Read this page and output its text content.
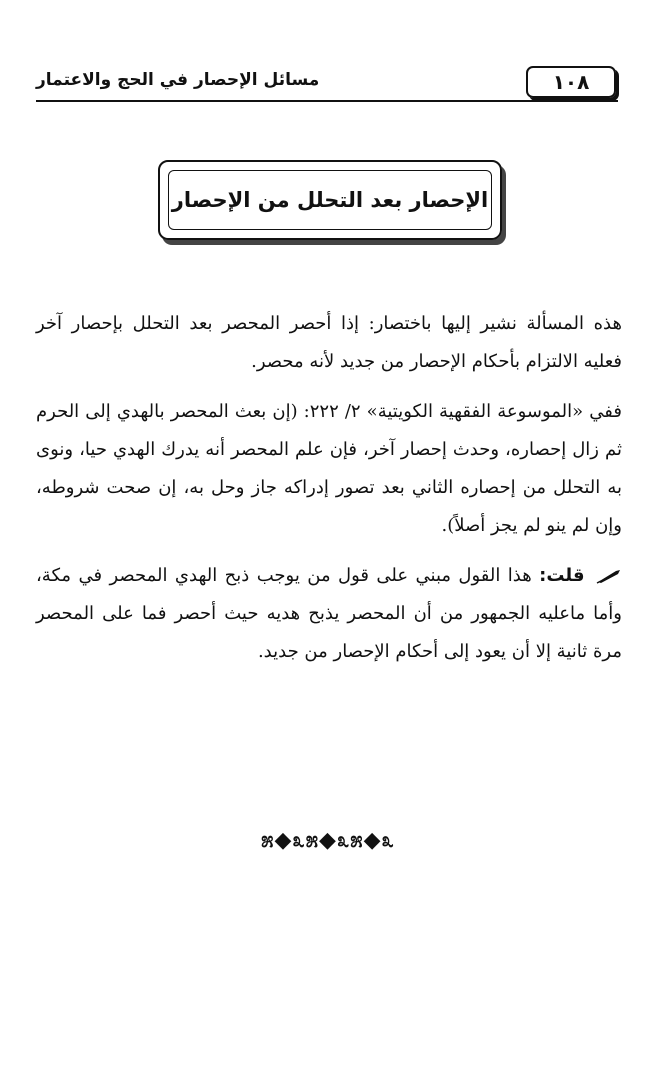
١٠٨
مسائل الإحصار في الحج والاعتمار
الإحصار بعد التحلل من الإحصار

هذه المسألة نشير إليها باختصار: إذا أحصر المحصر بعد التحلل بإحصار آخر فعليه الالتزام بأحكام الإحصار من جديد لأنه محصر.

ففي «الموسوعة الفقهية الكويتية» ٢/ ٢٢٢: (إن بعث المحصر بالهدي إلى الحرم ثم زال إحصاره، وحدث إحصار آخر، فإن علم المحصر أنه يدرك الهدي حيا، ونوى به التحلل من إحصاره الثاني بعد تصور إدراكه جاز وحل به، إن صحت شروطه، وإن لم ينو لم يجز أصلاً).

قلت: هذا القول مبني على قول من يوجب ذبح الهدي المحصر في مكة، وأما ماعليه الجمهور من أن المحصر يذبح هديه حيث أحصر فما على المحصر مرة ثانية إلا أن يعود إلى أحكام الإحصار من جديد.

೫◆೩೫◆೩೫◆೩
